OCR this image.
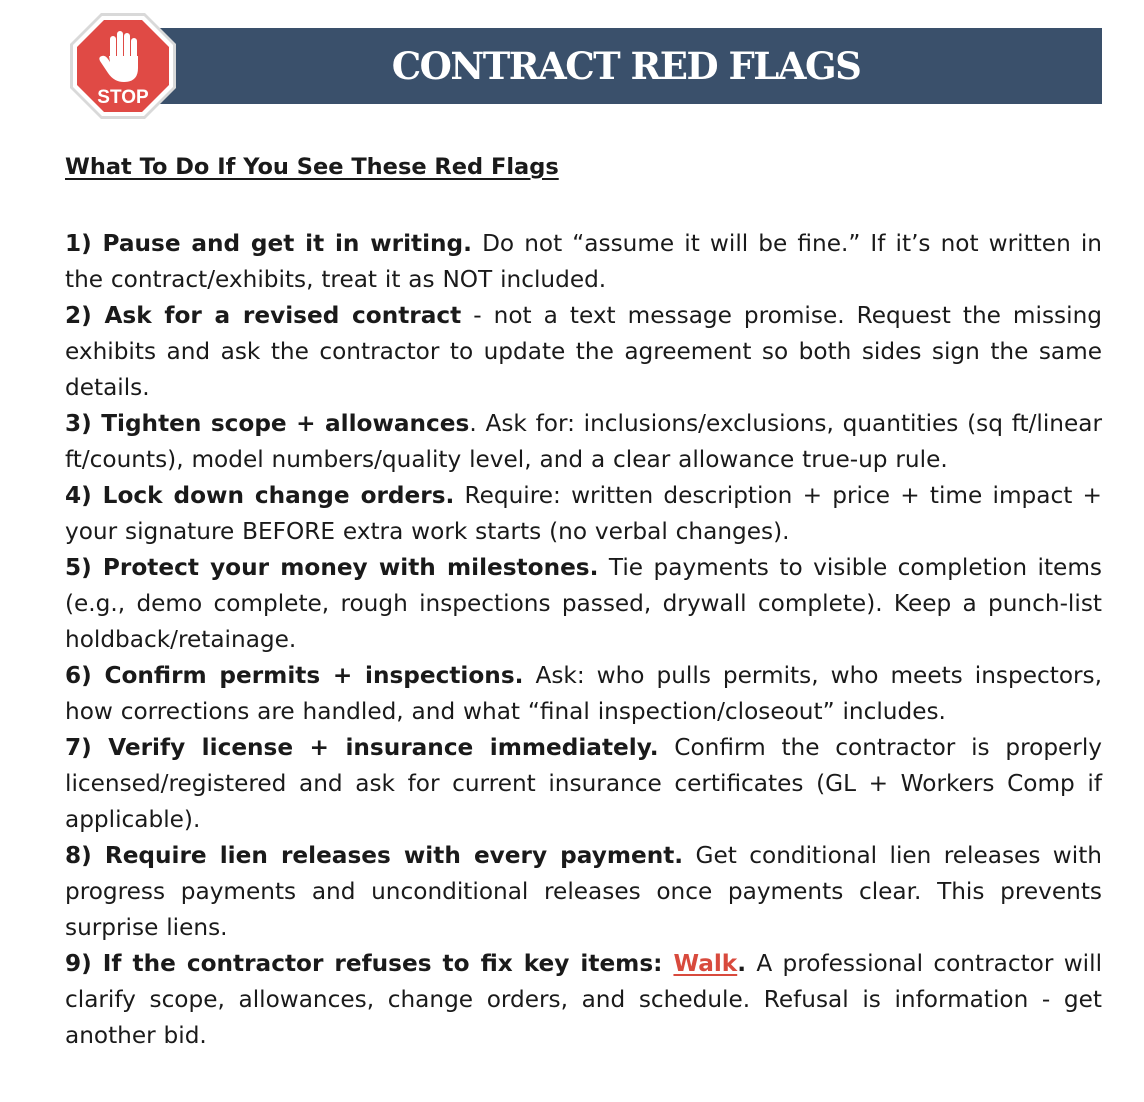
CONTRACT RED FLAGS
STOP
What To Do If You See These Red Flags
1) Pause and get it in writing. Do not “assume it will be fine.” If it’s not written in the contract/exhibits, treat it as NOT included.
2) Ask for a revised contract - not a text message promise. Request the missing exhibits and ask the contractor to update the agreement so both sides sign the same details.
3) Tighten scope + allowances. Ask for: inclusions/exclusions, quantities (sq ft/linear ft/counts), model numbers/quality level, and a clear allowance true-up rule.
4) Lock down change orders. Require: written description + price + time impact + your signature BEFORE extra work starts (no verbal changes).
5) Protect your money with milestones. Tie payments to visible completion items (e.g., demo complete, rough inspections passed, drywall complete). Keep a punch-list holdback/retainage.
6) Confirm permits + inspections. Ask: who pulls permits, who meets inspectors, how corrections are handled, and what “final inspection/closeout” includes.
7) Verify license + insurance immediately. Confirm the contractor is properly licensed/registered and ask for current insurance certificates (GL + Workers Comp if applicable).
8) Require lien releases with every payment. Get conditional lien releases with progress payments and unconditional releases once payments clear. This prevents surprise liens.
9) If the contractor refuses to fix key items: Walk. A professional contractor will clarify scope, allowances, change orders, and schedule. Refusal is information - get another bid.
